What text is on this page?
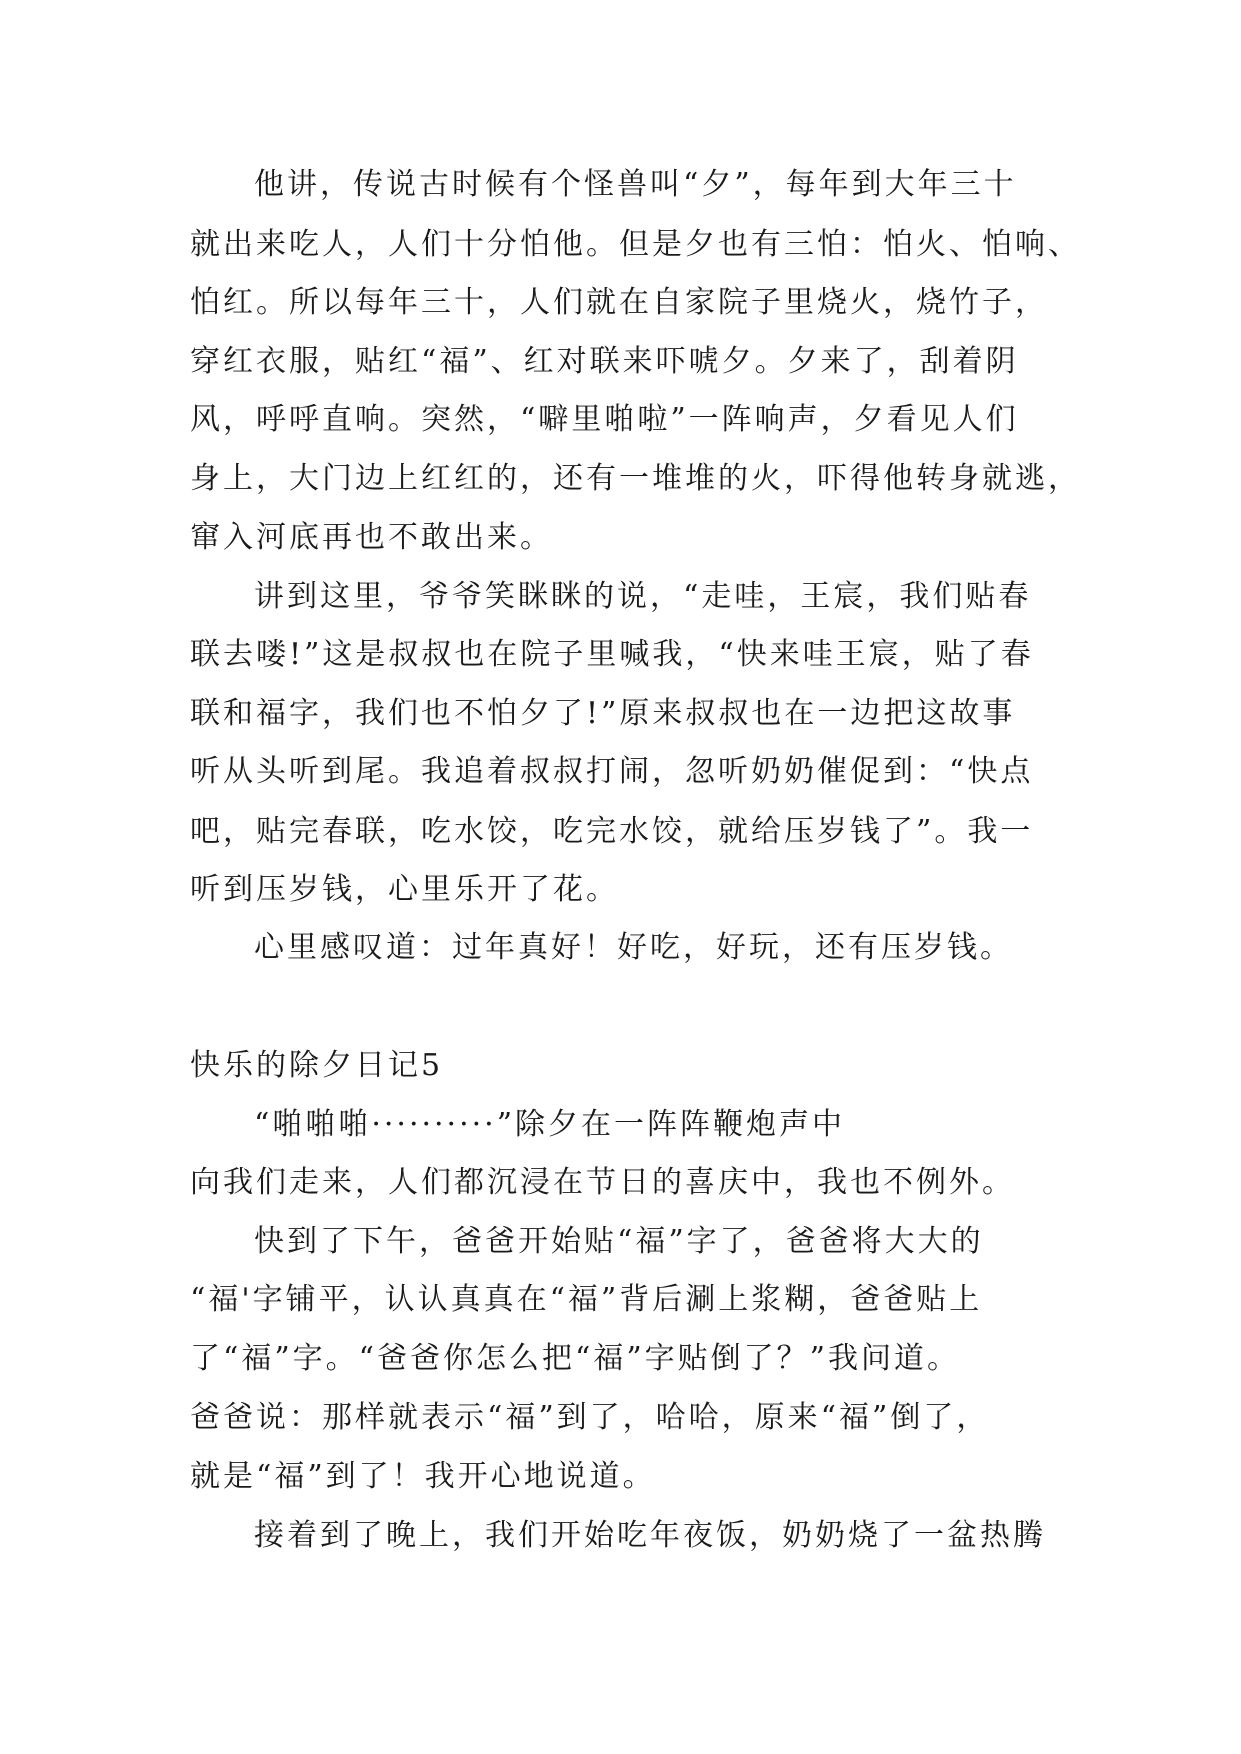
他讲，传说古时候有个怪兽叫“夕”，每年到大年三十
就出来吃人，人们十分怕他。但是夕也有三怕：怕火、怕响、
怕红。所以每年三十，人们就在自家院子里烧火，烧竹子，
穿红衣服，贴红“福”、红对联来吓唬夕。夕来了，刮着阴
风，呼呼直响。突然，“噼里啪啦”一阵响声，夕看见人们
身上，大门边上红红的，还有一堆堆的火，吓得他转身就逃，
窜入河底再也不敢出来。
讲到这里，爷爷笑眯眯的说，“走哇，王宸，我们贴春
联去喽!”这是叔叔也在院子里喊我，“快来哇王宸，贴了春
联和福字，我们也不怕夕了!”原来叔叔也在一边把这故事
听从头听到尾。我追着叔叔打闹，忽听奶奶催促到：“快点
吧，贴完春联，吃水饺，吃完水饺，就给压岁钱了”。我一
听到压岁钱，心里乐开了花。
心里感叹道：过年真好！好吃，好玩，还有压岁钱。
快乐的除夕日记5
“啪啪啪··········”除夕在一阵阵鞭炮声中
向我们走来，人们都沉浸在节日的喜庆中，我也不例外。
快到了下午，爸爸开始贴“福”字了，爸爸将大大的
“福'字铺平，认认真真在“福”背后涮上浆糊，爸爸贴上
了“福”字。“爸爸你怎么把“福”字贴倒了？”我问道。
爸爸说：那样就表示“福”到了，哈哈，原来“福”倒了，
就是“福”到了！我开心地说道。
接着到了晚上，我们开始吃年夜饭，奶奶烧了一盆热腾
